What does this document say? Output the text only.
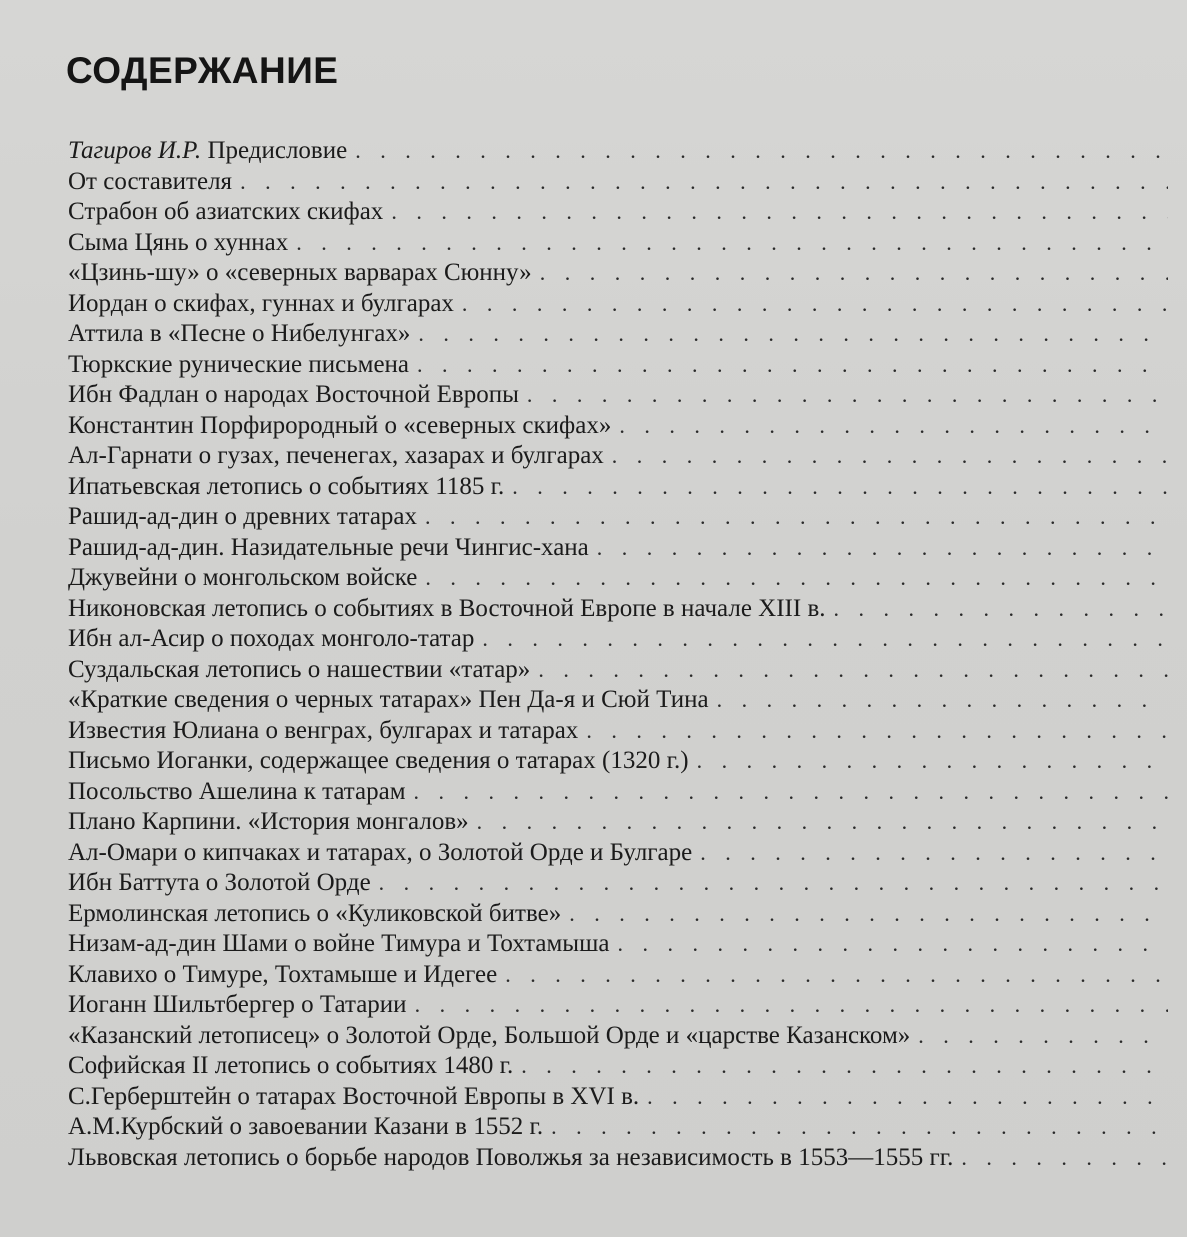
СОДЕРЖАНИЕ
Тагиров И.Р. Предисловие
. . .
От составителя
. . .
Страбон об азиатских скифах
. . .
Сыма Цянь о хуннах
. . .
«Цзинь-шу» о «северных варварах Сюнну»
. . .
Иордан о скифах, гуннах и булгарах
. . .
Аттила в «Песне о Нибелунгах»
. . .
Тюркские рунические письмена
. . .
Ибн Фадлан о народах Восточной Европы
. . .
Константин Порфирородный о «северных скифах»
. . .
Ал-Гарнати о гузах, печенегах, хазарах и булгарах
. . .
Ипатьевская летопись о событиях 1185 г.
. . .
Рашид-ад-дин о древних татарах
. . .
Рашид-ад-дин. Назидательные речи Чингис-хана
. . .
Джувейни о монгольском войске
. . .
Никоновская летопись о событиях в Восточной Европе в начале XIII в.
. . .
Ибн ал-Асир о походах монголо-татар
. . .
Суздальская летопись о нашествии «татар»
. . .
«Краткие сведения о черных татарах» Пен Да-я и Сюй Тина
. . .
Известия Юлиана о венграх, булгарах и татарах
. . .
Письмо Иоганки, содержащее сведения о татарах (1320 г.)
. . .
Посольство Ашелина к татарам
. . .
Плано Карпини. «История монгалов»
. . .
Ал-Омари о кипчаках и татарах, о Золотой Орде и Булгаре
. . .
Ибн Баттута о Золотой Орде
. . .
Ермолинская летопись о «Куликовской битве»
. . .
Низам-ад-дин Шами о войне Тимура и Тохтамыша
. . .
Клавихо о Тимуре, Тохтамыше и Идегее
. . .
Иоганн Шильтбергер о Татарии
. . .
«Казанский летописец» о Золотой Орде, Большой Орде и «царстве Казанском»
. . .
Софийская II летопись о событиях 1480 г.
. . .
С.Герберштейн о татарах Восточной Европы в XVI в.
. . .
А.М.Курбский о завоевании Казани в 1552 г.
. . .
Львовская летопись о борьбе народов Поволжья за независимость в 1553—1555 гг.
. . .
